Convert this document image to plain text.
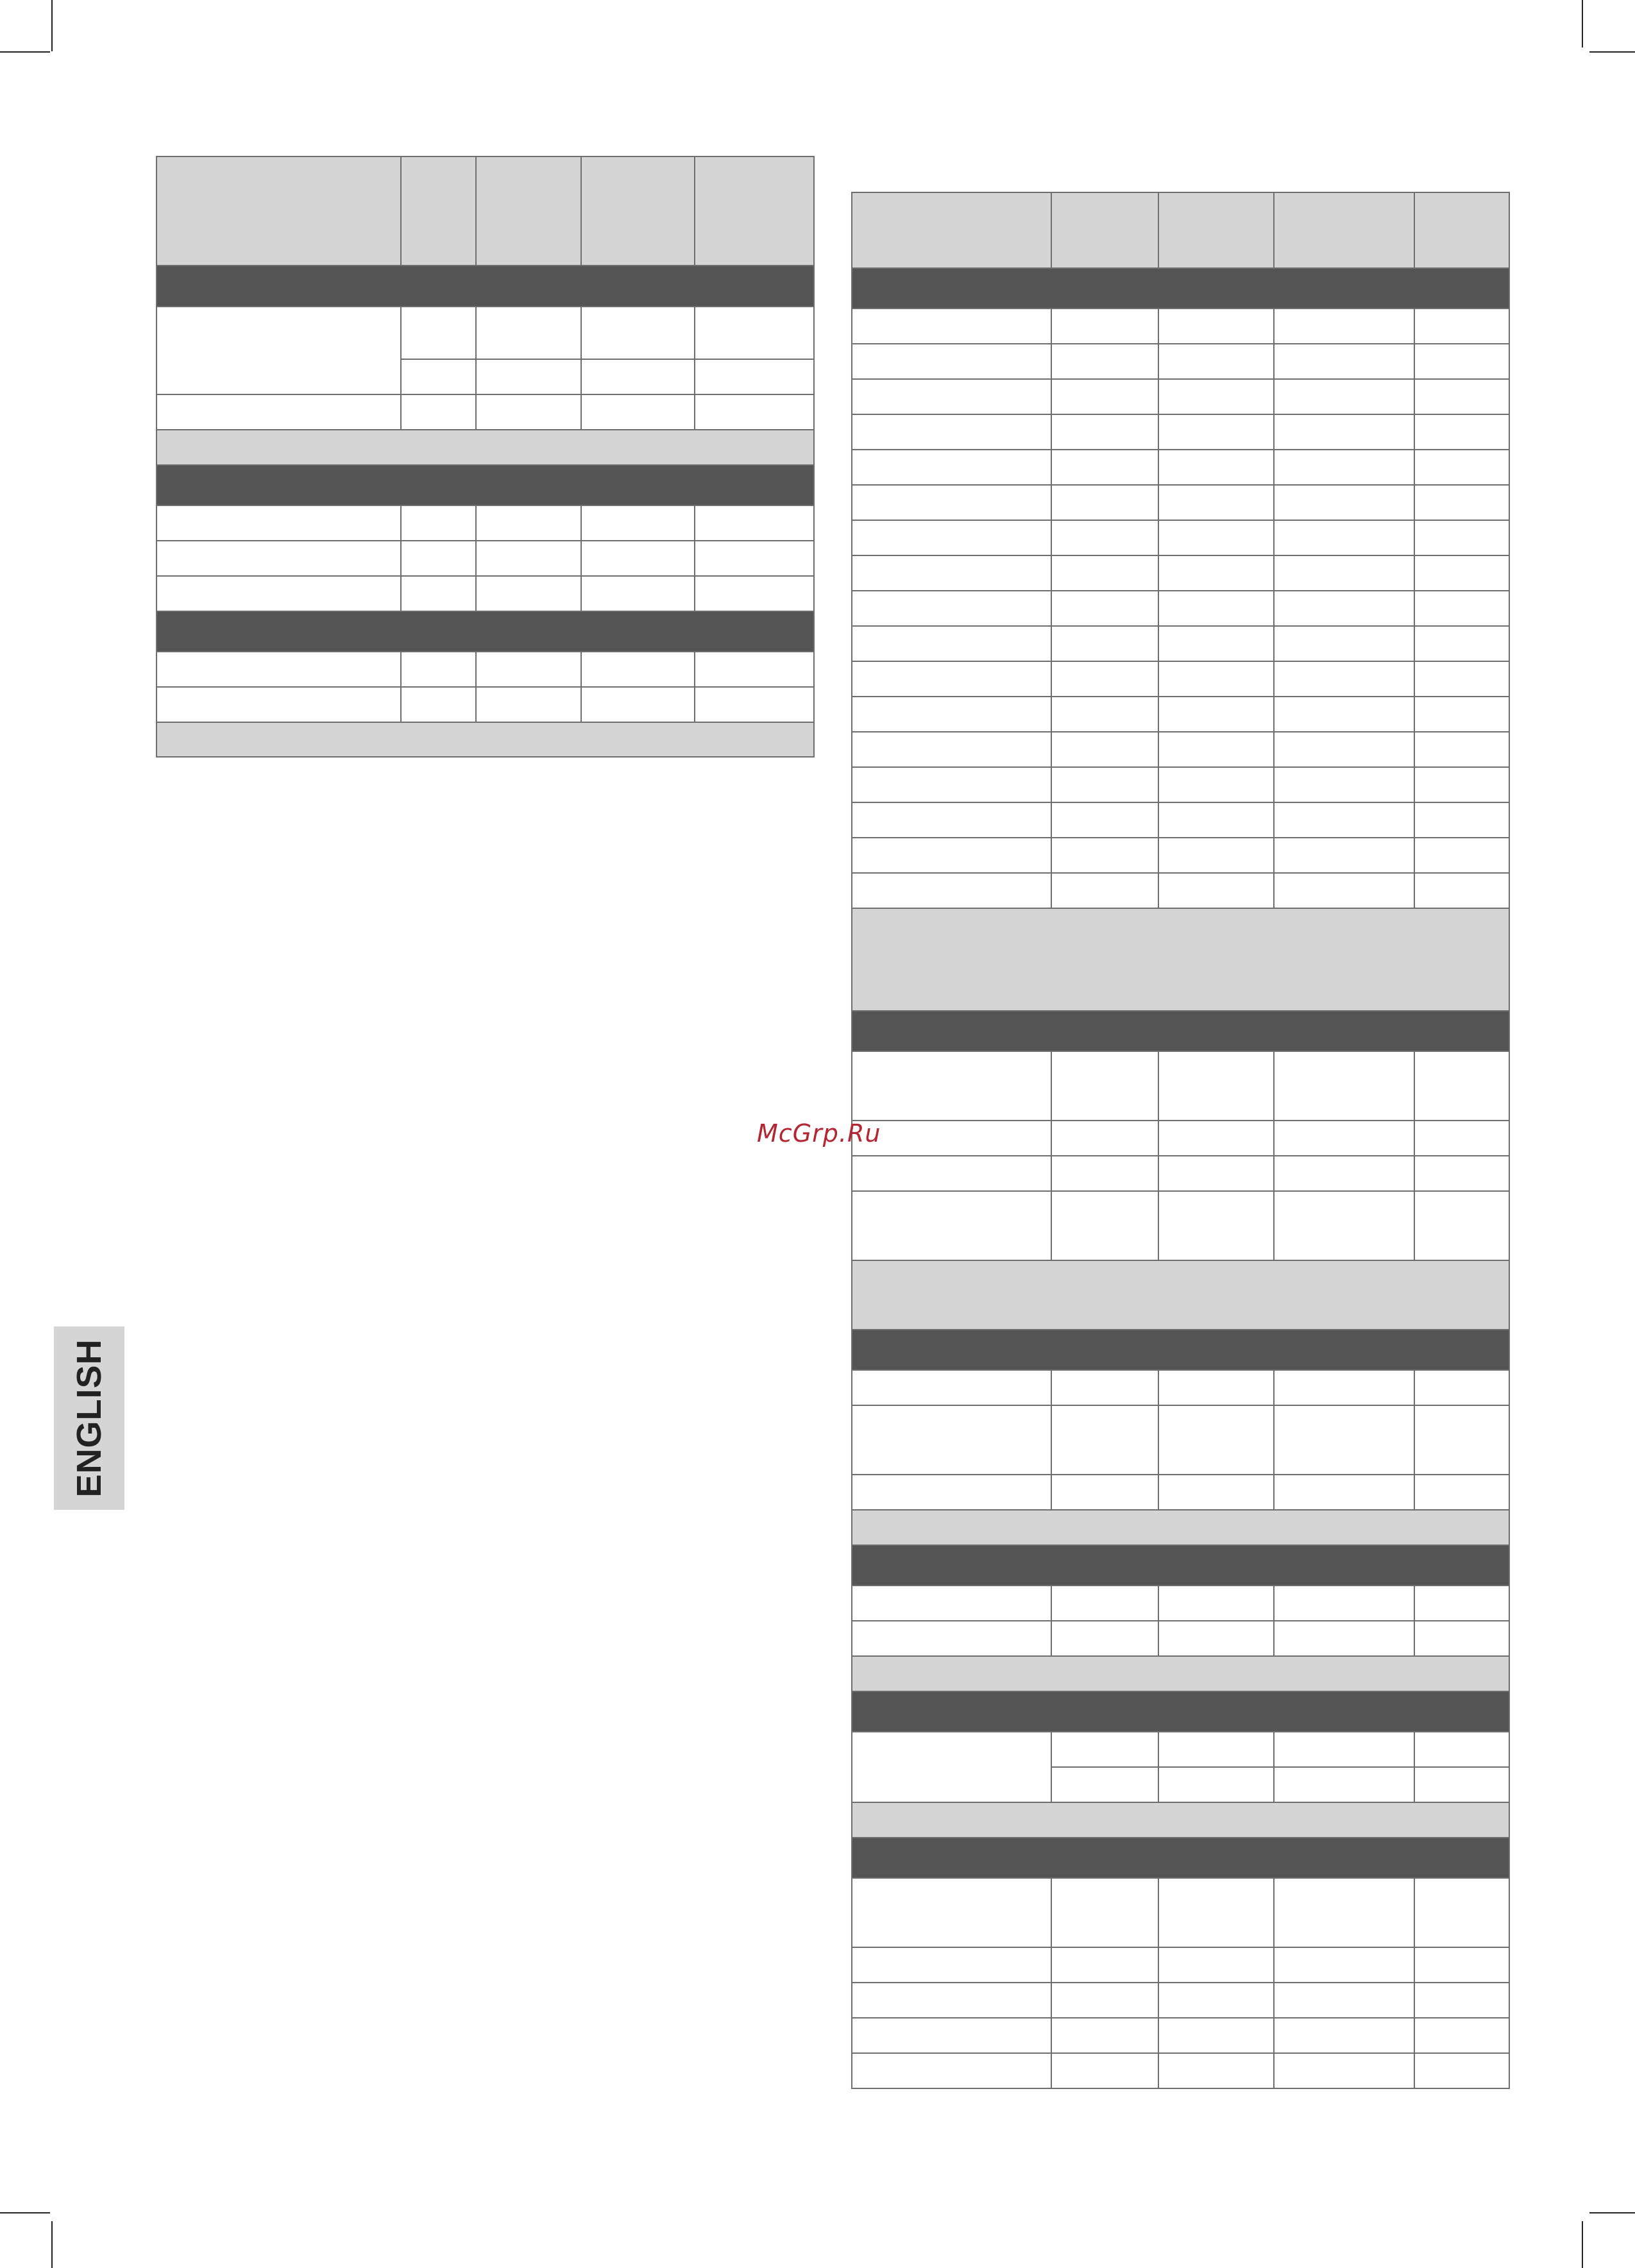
McGrp.Ru
ENGLISH
